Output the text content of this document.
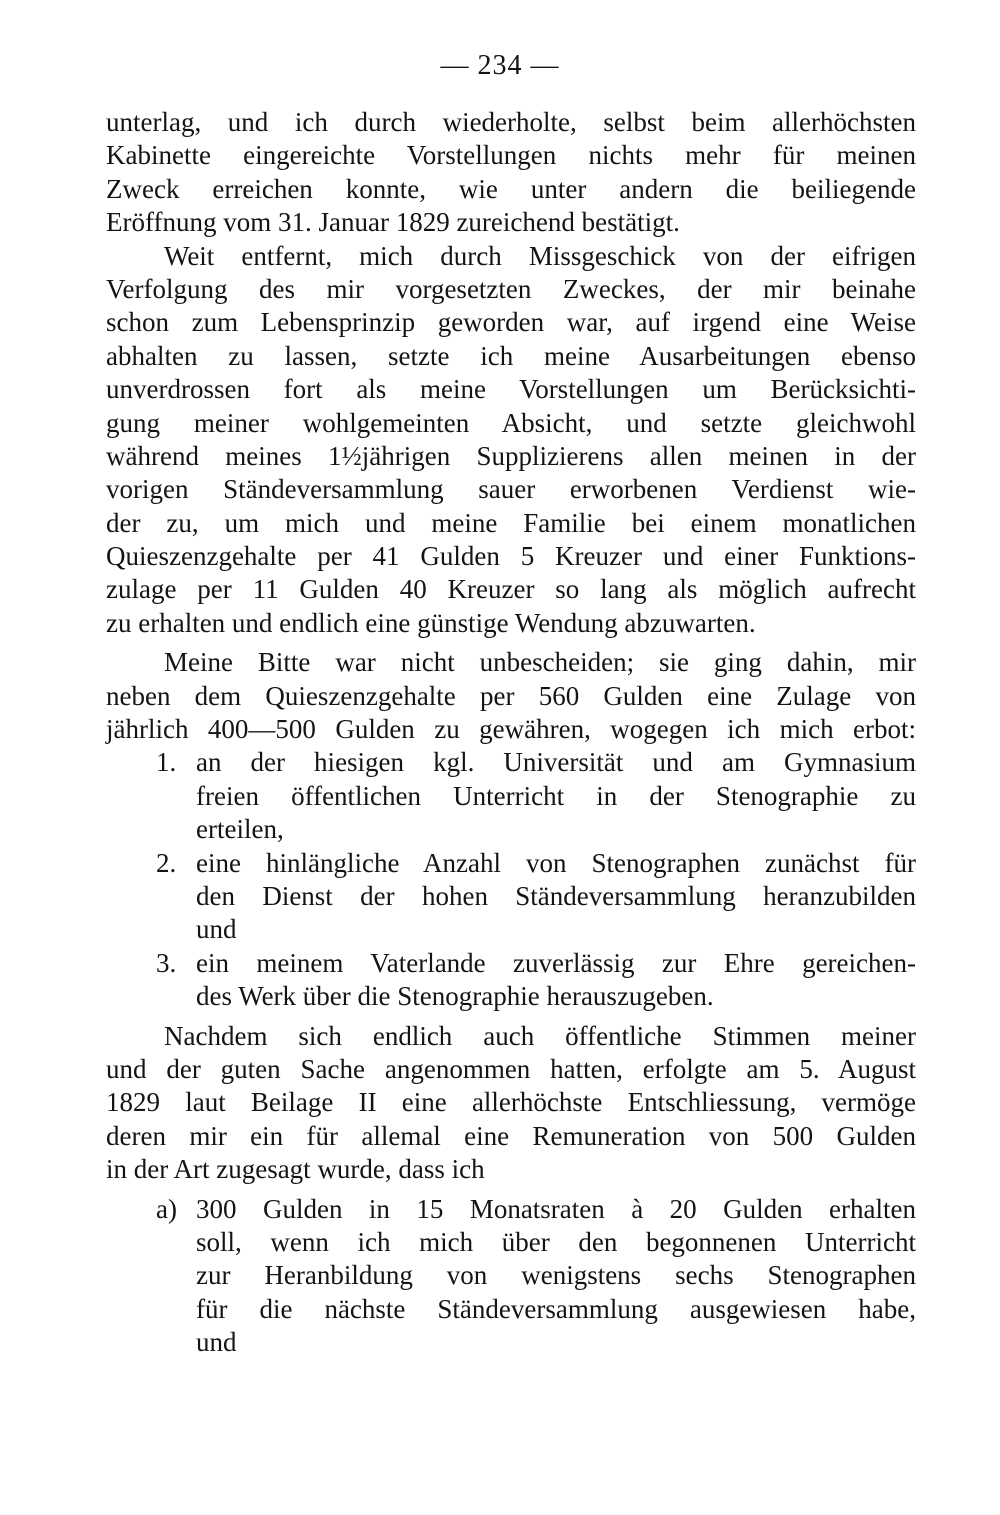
— 234 —
unterlag, und ich durch wiederholte, selbst beim allerhöchsten
Kabinette eingereichte Vorstellungen nichts mehr für meinen
Zweck erreichen konnte, wie unter andern die beiliegende
Eröffnung vom 31. Januar 1829 zureichend bestätigt.
Weit entfernt, mich durch Missgeschick von der eifrigen
Verfolgung des mir vorgesetzten Zweckes, der mir beinahe
schon zum Lebensprinzip geworden war, auf irgend eine Weise
abhalten zu lassen, setzte ich meine Ausarbeitungen ebenso
unverdrossen fort als meine Vorstellungen um Berücksichti-
gung meiner wohlgemeinten Absicht, und setzte gleichwohl
während meines 1½jährigen Supplizierens allen meinen in der
vorigen Ständeversammlung sauer erworbenen Verdienst wie-
der zu, um mich und meine Familie bei einem monatlichen
Quieszenzgehalte per 41 Gulden 5 Kreuzer und einer Funktions-
zulage per 11 Gulden 40 Kreuzer so lang als möglich aufrecht
zu erhalten und endlich eine günstige Wendung abzuwarten.
Meine Bitte war nicht unbescheiden; sie ging dahin, mir
neben dem Quieszenzgehalte per 560 Gulden eine Zulage von
jährlich 400—500 Gulden zu gewähren, wogegen ich mich erbot:
1. an der hiesigen kgl. Universität und am Gymnasium
freien öffentlichen Unterricht in der Stenographie zu
erteilen,
2. eine hinlängliche Anzahl von Stenographen zunächst für
den Dienst der hohen Ständeversammlung heranzubilden
und
3. ein meinem Vaterlande zuverlässig zur Ehre gereichen-
des Werk über die Stenographie herauszugeben.
Nachdem sich endlich auch öffentliche Stimmen meiner
und der guten Sache angenommen hatten, erfolgte am 5. August
1829 laut Beilage II eine allerhöchste Entschliessung, vermöge
deren mir ein für allemal eine Remuneration von 500 Gulden
in der Art zugesagt wurde, dass ich
a) 300 Gulden in 15 Monatsraten à 20 Gulden erhalten
soll, wenn ich mich über den begonnenen Unterricht
zur Heranbildung von wenigstens sechs Stenographen
für die nächste Ständeversammlung ausgewiesen habe,
und
